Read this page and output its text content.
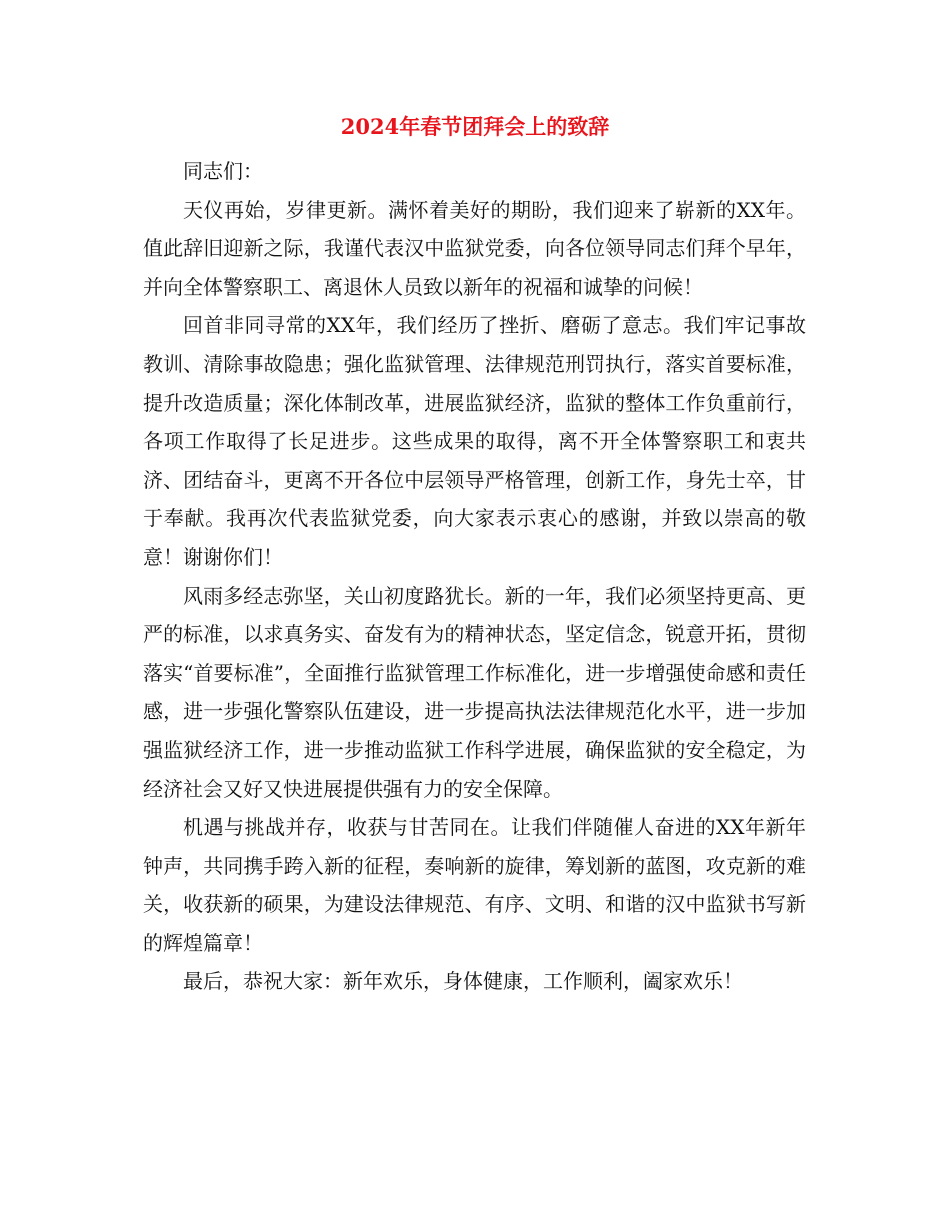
2024年春节团拜会上的致辞

同志们：

天仪再始，岁律更新。满怀着美好的期盼，我们迎来了崭新的XX年。值此辞旧迎新之际，我谨代表汉中监狱党委，向各位领导同志们拜个早年，并向全体警察职工、离退休人员致以新年的祝福和诚挚的问候！

回首非同寻常的XX年，我们经历了挫折、磨砺了意志。我们牢记事故教训、清除事故隐患；强化监狱管理、法律规范刑罚执行，落实首要标准，提升改造质量；深化体制改革，进展监狱经济，监狱的整体工作负重前行，各项工作取得了长足进步。这些成果的取得，离不开全体警察职工和衷共济、团结奋斗，更离不开各位中层领导严格管理，创新工作，身先士卒，甘于奉献。我再次代表监狱党委，向大家表示衷心的感谢，并致以崇高的敬意！谢谢你们！

风雨多经志弥坚，关山初度路犹长。新的一年，我们必须坚持更高、更严的标准，以求真务实、奋发有为的精神状态，坚定信念，锐意开拓，贯彻落实“首要标准”，全面推行监狱管理工作标准化，进一步增强使命感和责任感，进一步强化警察队伍建设，进一步提高执法法律规范化水平，进一步加强监狱经济工作，进一步推动监狱工作科学进展，确保监狱的安全稳定，为经济社会又好又快进展提供强有力的安全保障。

机遇与挑战并存，收获与甘苦同在。让我们伴随催人奋进的XX年新年钟声，共同携手跨入新的征程，奏响新的旋律，筹划新的蓝图，攻克新的难关，收获新的硕果，为建设法律规范、有序、文明、和谐的汉中监狱书写新的辉煌篇章！

最后，恭祝大家：新年欢乐，身体健康，工作顺利，阖家欢乐！
